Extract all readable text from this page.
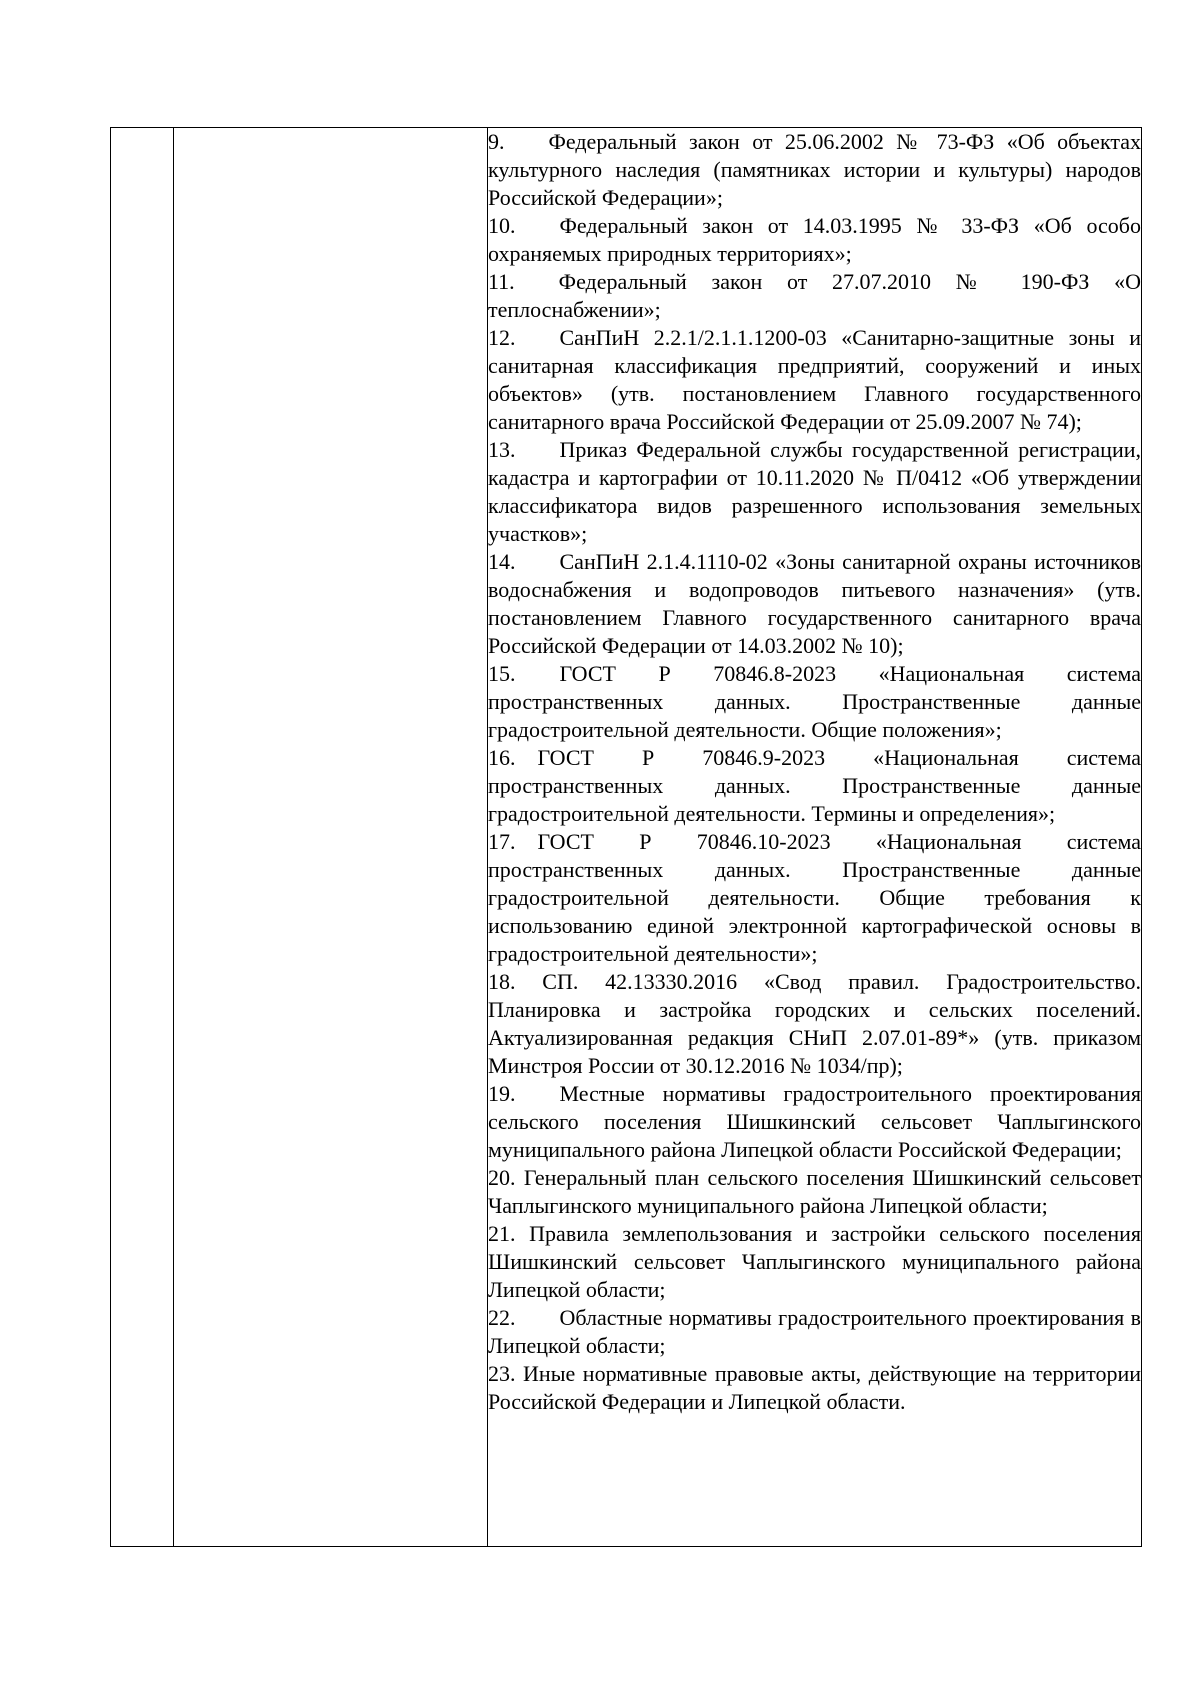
9.  Федеральный закон от 25.06.2002 № 73-ФЗ «Об объектах культурного наследия (памятниках истории и культуры) народов Российской Федерации»;

10.  Федеральный закон от 14.03.1995 № 33-ФЗ «Об особо охраняемых природных территориях»;

11.  Федеральный закон от 27.07.2010 № 190-ФЗ «О теплоснабжении»;

12.  СанПиН 2.2.1/2.1.1.1200-03 «Санитарно-защитные зоны и санитарная классификация предприятий, сооружений и иных объектов» (утв. постановлением Главного государственного санитарного врача Российской Федерации от 25.09.2007 № 74);

13.  Приказ Федеральной службы государственной регистрации, кадастра и картографии от 10.11.2020 № П/0412 «Об утверждении классификатора видов разрешенного использования земельных участков»;

14.  СанПиН 2.1.4.1110-02 «Зоны санитарной охраны источников водоснабжения и водопроводов питьевого назначения» (утв. постановлением Главного государственного санитарного врача Российской Федерации от 14.03.2002 № 10);

15.  ГОСТ Р 70846.8-2023 «Национальная система пространственных данных. Пространственные данные градостроительной деятельности. Общие положения»;

16. ГОСТ Р 70846.9-2023 «Национальная система пространственных данных. Пространственные данные градостроительной деятельности. Термины и определения»;

17. ГОСТ Р 70846.10-2023 «Национальная система пространственных данных. Пространственные данные градостроительной деятельности. Общие требования к использованию единой электронной картографической основы в градостроительной деятельности»;

18. СП. 42.13330.2016 «Свод правил. Градостроительство. Планировка и застройка городских и сельских поселений. Актуализированная редакция СНиП 2.07.01-89*» (утв. приказом Минстроя России от 30.12.2016 № 1034/пр);

19.  Местные нормативы градостроительного проектирования сельского поселения Шишкинский сельсовет Чаплыгинского муниципального района Липецкой области Российской Федерации;

20. Генеральный план сельского поселения Шишкинский сельсовет Чаплыгинского муниципального района Липецкой области;

21. Правила землепользования и застройки сельского поселения Шишкинский сельсовет Чаплыгинского муниципального района Липецкой области;

22.  Областные нормативы градостроительного проектирования в Липецкой области;

23. Иные нормативные правовые акты, действующие на территории Российской Федерации и Липецкой области.
